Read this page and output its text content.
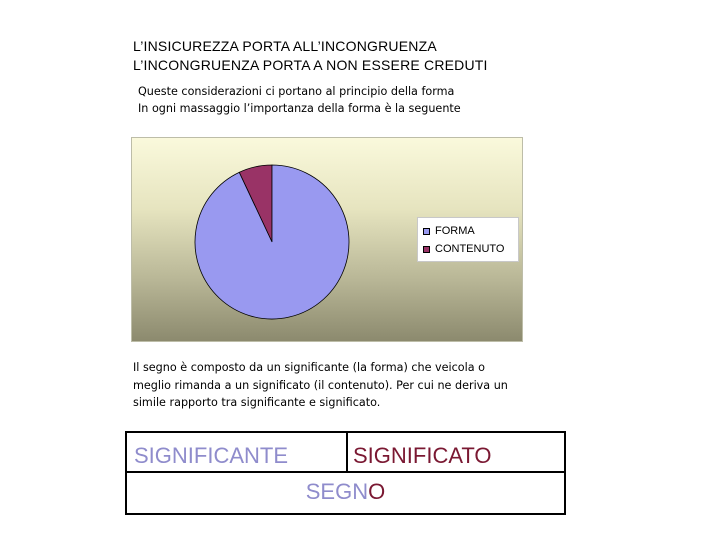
L’INSICUREZZA PORTA ALL’INCONGRUENZA
L’INCONGRUENZA PORTA A NON ESSERE CREDUTI
Queste considerazioni ci portano al principio della forma
In ogni massaggio l’importanza della forma è la seguente
FORMA
CONTENUTO
Il segno è composto da un significante (la forma) che veicola o
meglio rimanda a un significato (il contenuto). Per cui ne deriva un
simile rapporto tra significante e significato.
SIGNIFICANTE	SIGNIFICATO
SEGNO
